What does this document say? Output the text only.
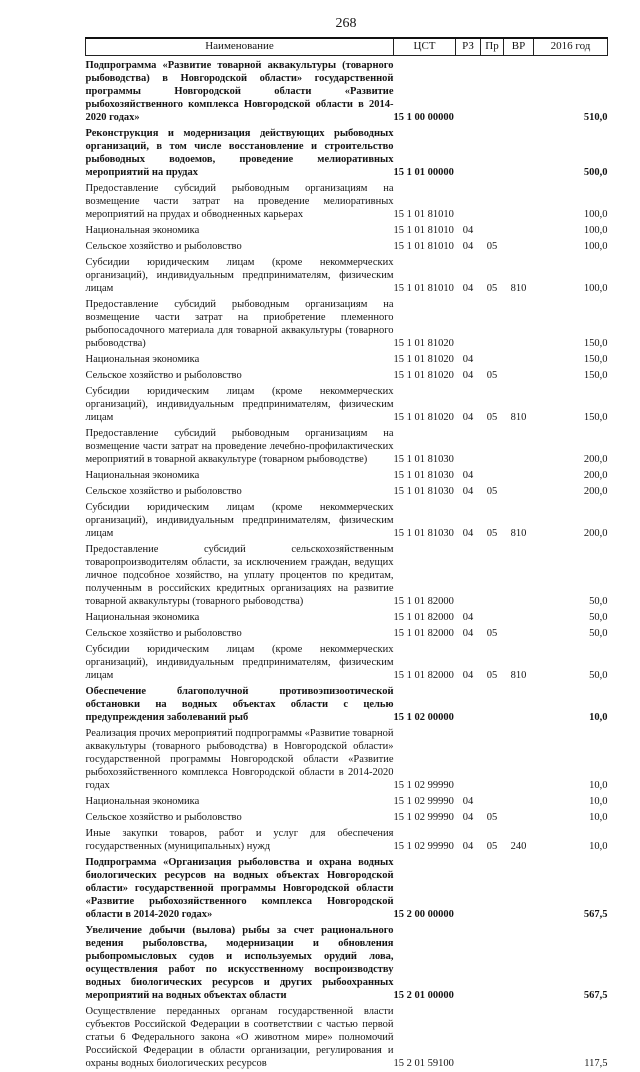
268
Наименование	ЦСТ	РЗ	Пр	ВР	2016 год
Подпрограмма «Развитие товарной аквакультуры (товарного рыбоводства) в Новгородской области» государственной программы Новгородской области «Развитие рыбохозяйственного комплекса Новгородской области в 2014-2020 годах»	15 1 00 00000				510,0
Реконструкция и модернизация действующих рыбоводных организаций, в том числе восстановление и строительство рыбоводных водоемов, проведение мелиоративных мероприятий на прудах	15 1 01 00000				500,0
Предоставление субсидий рыбоводным организациям на возмещение части затрат на проведение мелиоративных мероприятий на прудах и обводненных карьерах	15 1 01 81010				100,0
Национальная экономика	15 1 01 81010	04			100,0
Сельское хозяйство и рыболовство	15 1 01 81010	04	05		100,0
Субсидии юридическим лицам (кроме некоммерческих организаций), индивидуальным предпринимателям, физическим лицам	15 1 01 81010	04	05	810	100,0
Предоставление субсидий рыбоводным организациям на возмещение части затрат на приобретение племенного рыбопосадочного материала для товарной аквакультуры (товарного рыбоводства)	15 1 01 81020				150,0
Национальная экономика	15 1 01 81020	04			150,0
Сельское хозяйство и рыболовство	15 1 01 81020	04	05		150,0
Субсидии юридическим лицам (кроме некоммерческих организаций), индивидуальным предпринимателям, физическим лицам	15 1 01 81020	04	05	810	150,0
Предоставление субсидий рыбоводным организациям на возмещение части затрат на проведение лечебно-профилактических мероприятий в товарной аквакультуре (товарном рыбоводстве)	15 1 01 81030				200,0
Национальная экономика	15 1 01 81030	04			200,0
Сельское хозяйство и рыболовство	15 1 01 81030	04	05		200,0
Субсидии юридическим лицам (кроме некоммерческих организаций), индивидуальным предпринимателям, физическим лицам	15 1 01 81030	04	05	810	200,0
Предоставление субсидий сельскохозяйственным товаропроизводителям области, за исключением граждан, ведущих личное подсобное хозяйство, на уплату процентов по кредитам, полученным в российских кредитных организациях на развитие товарной аквакультуры (товарного рыбоводства)	15 1 01 82000				50,0
Национальная экономика	15 1 01 82000	04			50,0
Сельское хозяйство и рыболовство	15 1 01 82000	04	05		50,0
Субсидии юридическим лицам (кроме некоммерческих организаций), индивидуальным предпринимателям, физическим лицам	15 1 01 82000	04	05	810	50,0
Обеспечение благополучной противоэпизоотической обстановки на водных объектах области с целью предупреждения заболеваний рыб	15 1 02 00000				10,0
Реализация прочих мероприятий подпрограммы «Развитие товарной аквакультуры (товарного рыбоводства) в Новгородской области» государственной программы Новгородской области «Развитие рыбохозяйственного комплекса Новгородской области в 2014-2020 годах	15 1 02 99990				10,0
Национальная экономика	15 1 02 99990	04			10,0
Сельское хозяйство и рыболовство	15 1 02 99990	04	05		10,0
Иные закупки товаров, работ и услуг для обеспечения государственных (муниципальных) нужд	15 1 02 99990	04	05	240	10,0
Подпрограмма «Организация рыболовства и охрана водных биологических ресурсов на водных объектах Новгородской области» государственной программы Новгородской области «Развитие рыбохозяйственного комплекса Новгородской области в 2014-2020 годах»	15 2 00 00000				567,5
Увеличение добычи (вылова) рыбы за счет рационального ведения рыболовства, модернизации и обновления рыбопромысловых судов и используемых орудий лова, осуществления работ по искусственному воспроизводству водных биологических ресурсов и других рыбоохранных мероприятий на водных объектах области	15 2 01 00000				567,5
Осуществление переданных органам государственной власти субъектов Российской Федерации в соответствии с частью первой статьи 6 Федерального закона «О животном мире» полномочий Российской Федерации в области организации, регулирования и охраны водных биологических ресурсов	15 2 01 59100				117,5
